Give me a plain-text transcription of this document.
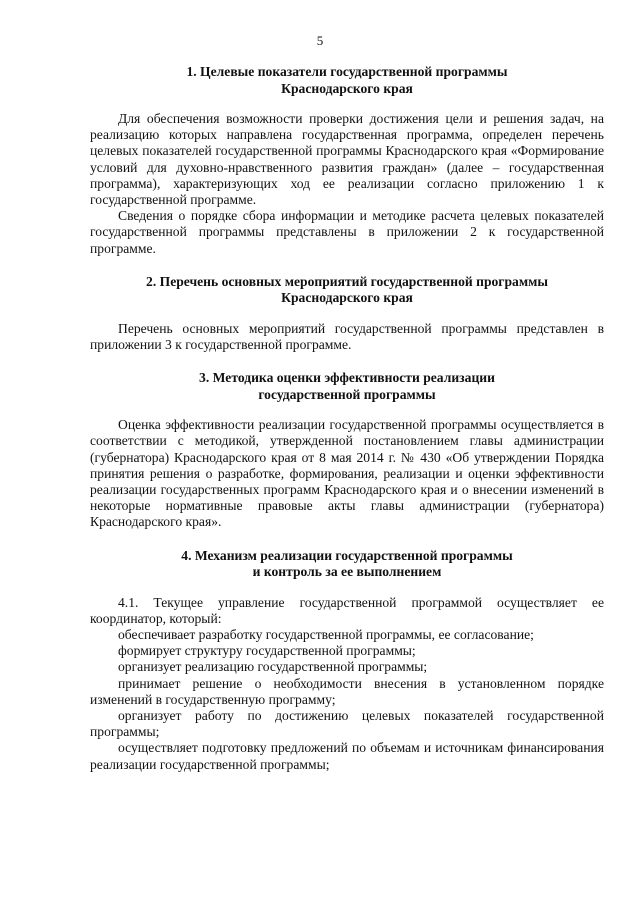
5
1. Целевые показатели государственной программы
Краснодарского края

Для обеспечения возможности проверки достижения цели и решения задач, на реализацию которых направлена государственная программа, определен перечень целевых показателей государственной программы Краснодарского края «Формирование условий для духовно-нравственного развития граждан» (далее – государственная программа), характеризующих ход ее реализации согласно приложению 1 к государственной программе.

Сведения о порядке сбора информации и методике расчета целевых показателей государственной программы представлены в приложении 2 к государственной программе.

2. Перечень основных мероприятий государственной программы
Краснодарского края

Перечень основных мероприятий государственной программы представлен в приложении 3 к государственной программе.

3. Методика оценки эффективности реализации
государственной программы

Оценка эффективности реализации государственной программы осуществляется в соответствии с методикой, утвержденной постановлением главы администрации (губернатора) Краснодарского края от 8 мая 2014 г. № 430 «Об утверждении Порядка принятия решения о разработке, формирования, реализации и оценки эффективности реализации государственных программ Краснодарского края и о внесении изменений в некоторые нормативные правовые акты главы администрации (губернатора) Краснодарского края».

4. Механизм реализации государственной программы
и контроль за ее выполнением

4.1. Текущее управление государственной программой осуществляет ее координатор, который:

обеспечивает разработку государственной программы, ее согласование;

формирует структуру государственной программы;

организует реализацию государственной программы;

принимает решение о необходимости внесения в установленном порядке изменений в государственную программу;

организует работу по достижению целевых показателей государственной программы;

осуществляет подготовку предложений по объемам и источникам финансирования реализации государственной программы;
